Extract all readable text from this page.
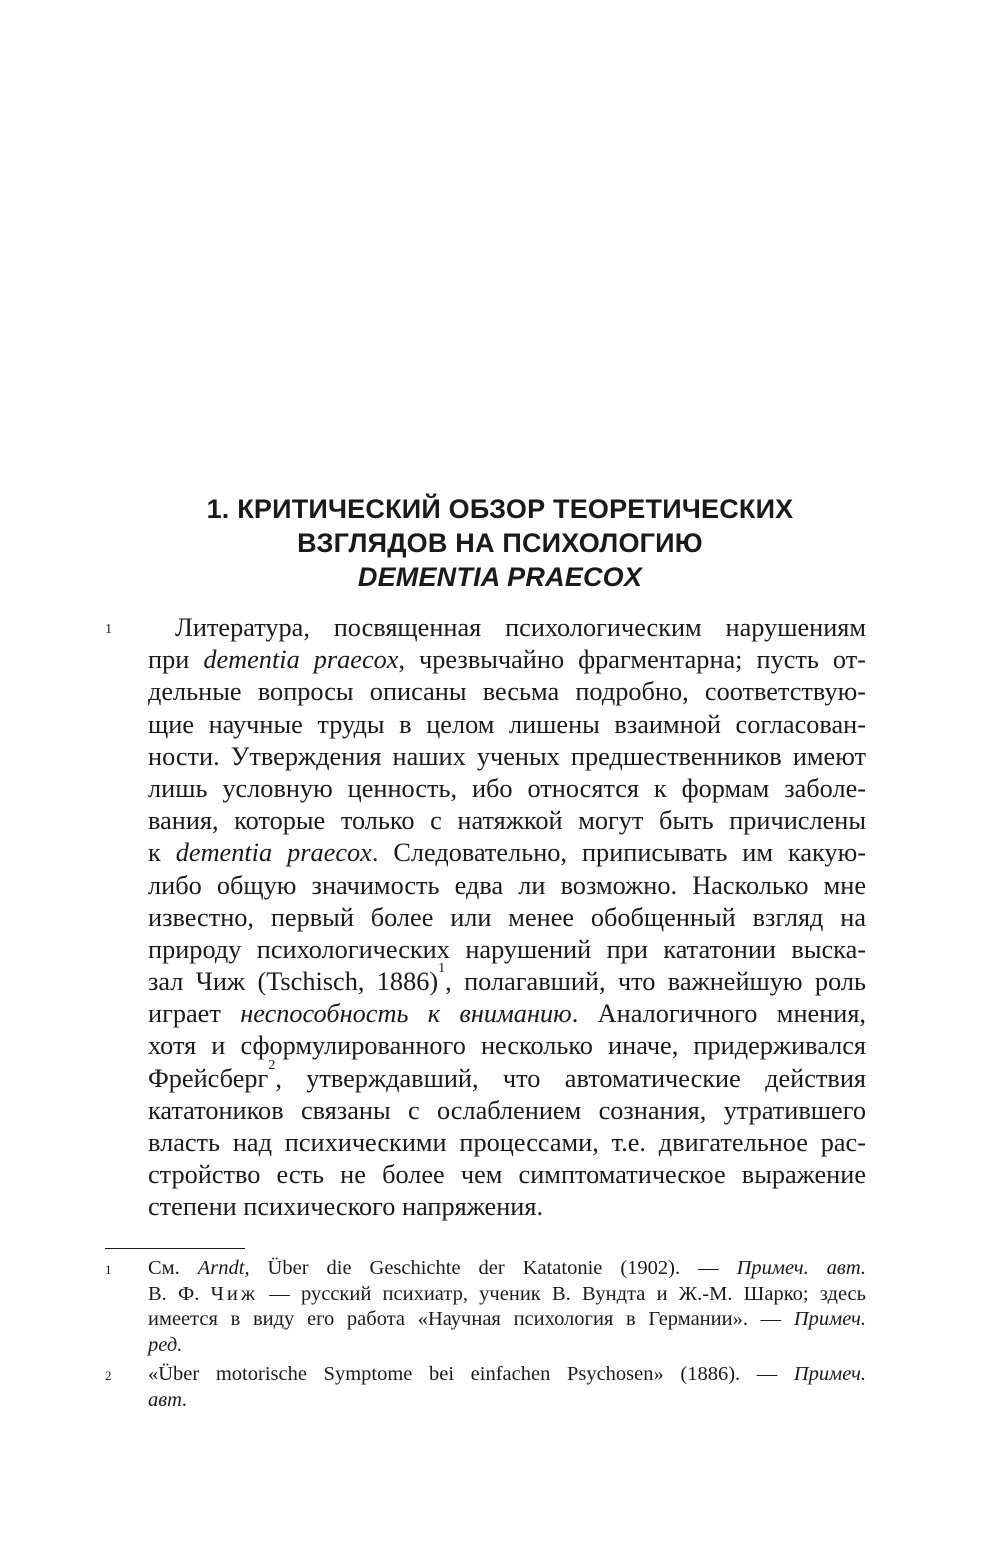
1. КРИТИЧЕСКИЙ ОБЗОР ТЕОРЕТИЧЕСКИХ
ВЗГЛЯДОВ НА ПСИХОЛОГИЮ
DEMENTIA PRAECOX
1	Литература, посвященная психологическим нарушениям
при dementia praecox, чрезвычайно фрагментарна; пусть от-
дельные вопросы описаны весьма подробно, соответствую-
щие научные труды в целом лишены взаимной согласован-
ности. Утверждения наших ученых предшественников имеют
лишь условную ценность, ибо относятся к формам заболе-
вания, которые только с натяжкой могут быть причислены
к dementia praecox. Следовательно, приписывать им какую-
либо общую значимость едва ли возможно. Насколько мне
известно, первый более или менее обобщенный взгляд на
природу психологических нарушений при кататонии выска-
зал Чиж (Tschisch, 1886)$^1$, полагавший, что важнейшую роль
играет неспособность к вниманию. Аналогичного мнения,
хотя и сформулированного несколько иначе, придерживался
Фрейсберг$^2$, утверждавший, что автоматические действия
кататоников связаны с ослаблением сознания, утратившего
власть над психическими процессами, т.е. двигательное рас-
стройство есть не более чем симптоматическое выражение
степени психического напряжения.
1 См. Arndt, Über die Geschichte der Katatonie (1902). — Примеч. авт.
В. Ф. Чиж — русский психиатр, ученик В. Вундта и Ж.-М. Шарко; здесь
имеется в виду его работа «Научная психология в Германии». — Примеч.
ред.
2 «Über motorische Symptome bei einfachen Psychosen» (1886). — Примеч.
авт.
